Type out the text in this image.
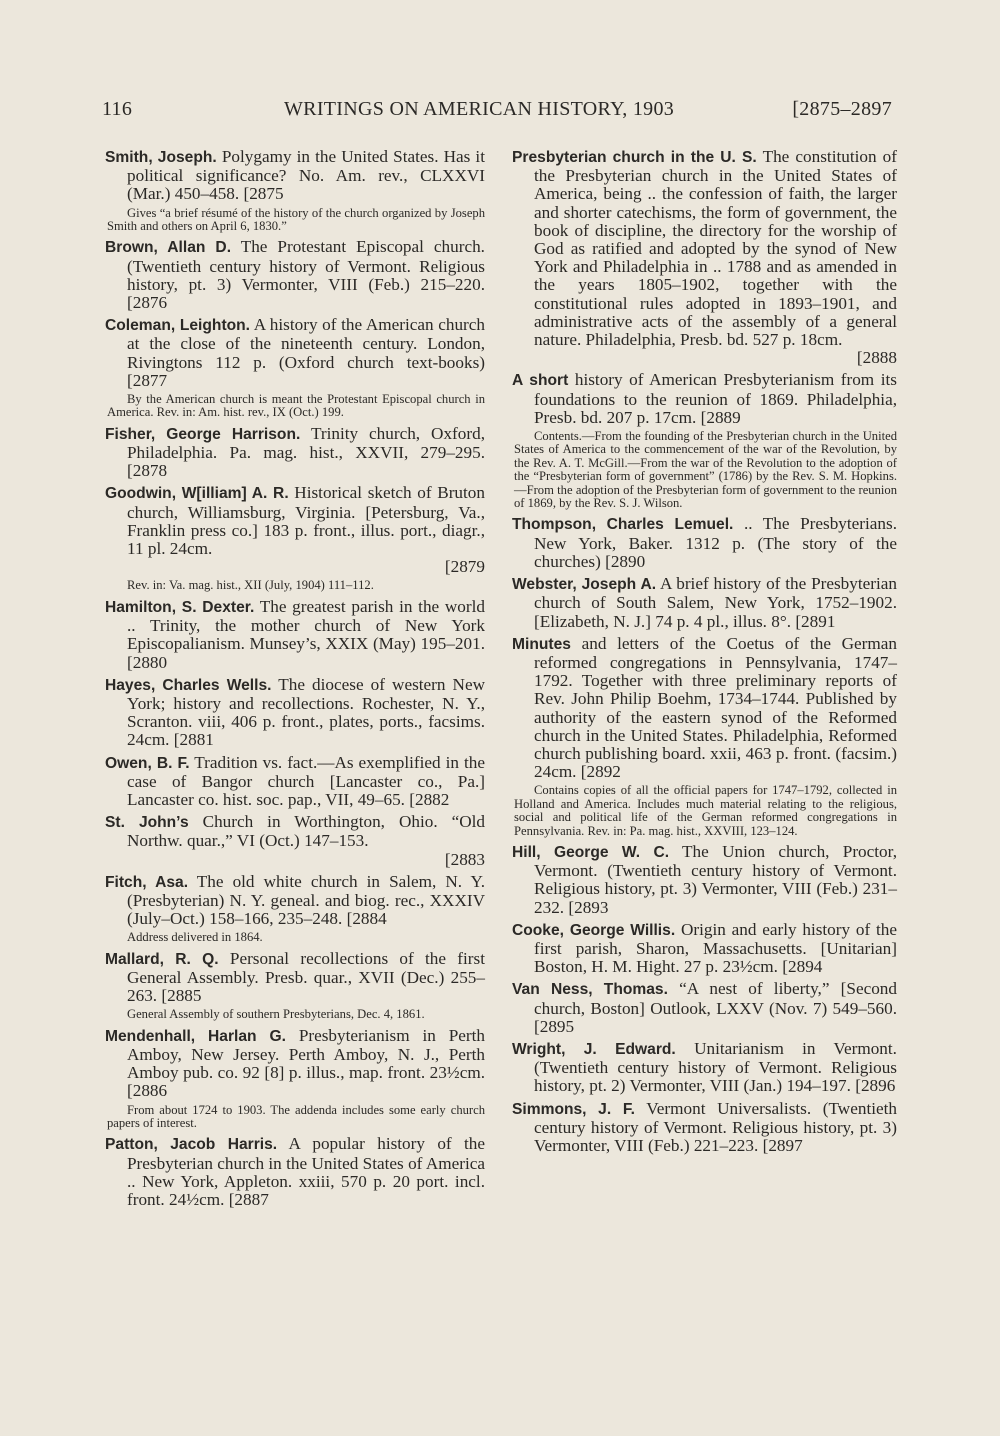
116	WRITINGS ON AMERICAN HISTORY, 1903	[2875–2897
Smith, Joseph. Polygamy in the United States. Has it political significance? No. Am. rev., CLXXVI (Mar.) 450–458. [2875
Gives “a brief résumé of the history of the church organized by Joseph Smith and others on April 6, 1830.”
Brown, Allan D. The Protestant Episcopal church. (Twentieth century history of Vermont. Religious history, pt. 3) Vermonter, VIII (Feb.) 215–220. [2876
Coleman, Leighton. A history of the American church at the close of the nineteenth century. London, Rivingtons 112 p. (Oxford church text-books) [2877
By the American church is meant the Protestant Episcopal church in America. Rev. in: Am. hist. rev., IX (Oct.) 199.
Fisher, George Harrison. Trinity church, Oxford, Philadelphia. Pa. mag. hist., XXVII, 279–295. [2878
Goodwin, W[illiam] A. R. Historical sketch of Bruton church, Williamsburg, Virginia. [Petersburg, Va., Franklin press co.] 183 p. front., illus. port., diagr., 11 pl. 24cm.
[2879
Rev. in: Va. mag. hist., XII (July, 1904) 111–112.
Hamilton, S. Dexter. The greatest parish in the world .. Trinity, the mother church of New York Episcopalianism. Munsey’s, XXIX (May) 195–201. [2880
Hayes, Charles Wells. The diocese of western New York; history and recollections. Rochester, N. Y., Scranton. viii, 406 p. front., plates, ports., facsims. 24cm. [2881
Owen, B. F. Tradition vs. fact.—As exemplified in the case of Bangor church [Lancaster co., Pa.] Lancaster co. hist. soc. pap., VII, 49–65. [2882
St. John’s Church in Worthington, Ohio. “Old Northw. quar.,” VI (Oct.) 147–153.
[2883
Fitch, Asa. The old white church in Salem, N. Y. (Presbyterian) N. Y. geneal. and biog. rec., XXXIV (July–Oct.) 158–166, 235–248. [2884
Address delivered in 1864.
Mallard, R. Q. Personal recollections of the first General Assembly. Presb. quar., XVII (Dec.) 255–263. [2885
General Assembly of southern Presbyterians, Dec. 4, 1861.
Mendenhall, Harlan G. Presbyterianism in Perth Amboy, New Jersey. Perth Amboy, N. J., Perth Amboy pub. co. 92 [8] p. illus., map. front. 23½cm. [2886
From about 1724 to 1903. The addenda includes some early church papers of interest.
Patton, Jacob Harris. A popular history of the Presbyterian church in the United States of America .. New York, Appleton. xxiii, 570 p. 20 port. incl. front. 24½cm. [2887
Presbyterian church in the U. S. The constitution of the Presbyterian church in the United States of America, being .. the confession of faith, the larger and shorter catechisms, the form of government, the book of discipline, the directory for the worship of God as ratified and adopted by the synod of New York and Philadelphia in .. 1788 and as amended in the years 1805–1902, together with the constitutional rules adopted in 1893–1901, and administrative acts of the assembly of a general nature. Philadelphia, Presb. bd. 527 p. 18cm.
[2888
A short history of American Presbyterianism from its foundations to the reunion of 1869. Philadelphia, Presb. bd. 207 p. 17cm. [2889
Contents.—From the founding of the Presbyterian church in the United States of America to the commencement of the war of the Revolution, by the Rev. A. T. McGill.—From the war of the Revolution to the adoption of the “Presbyterian form of government” (1786) by the Rev. S. M. Hopkins.—From the adoption of the Presbyterian form of government to the reunion of 1869, by the Rev. S. J. Wilson.
Thompson, Charles Lemuel. .. The Presbyterians. New York, Baker. 1312 p. (The story of the churches) [2890
Webster, Joseph A. A brief history of the Presbyterian church of South Salem, New York, 1752–1902. [Elizabeth, N. J.] 74 p. 4 pl., illus. 8°. [2891
Minutes and letters of the Coetus of the German reformed congregations in Pennsylvania, 1747–1792. Together with three preliminary reports of Rev. John Philip Boehm, 1734–1744. Published by authority of the eastern synod of the Reformed church in the United States. Philadelphia, Reformed church publishing board. xxii, 463 p. front. (facsim.) 24cm. [2892
Contains copies of all the official papers for 1747–1792, collected in Holland and America. Includes much material relating to the religious, social and political life of the German reformed congregations in Pennsylvania. Rev. in: Pa. mag. hist., XXVIII, 123–124.
Hill, George W. C. The Union church, Proctor, Vermont. (Twentieth century history of Vermont. Religious history, pt. 3) Vermonter, VIII (Feb.) 231–232. [2893
Cooke, George Willis. Origin and early history of the first parish, Sharon, Massachusetts. [Unitarian] Boston, H. M. Hight. 27 p. 23½cm. [2894
Van Ness, Thomas. “A nest of liberty,” [Second church, Boston] Outlook, LXXV (Nov. 7) 549–560. [2895
Wright, J. Edward. Unitarianism in Vermont. (Twentieth century history of Vermont. Religious history, pt. 2) Vermonter, VIII (Jan.) 194–197. [2896
Simmons, J. F. Vermont Universalists. (Twentieth century history of Vermont. Religious history, pt. 3) Vermonter, VIII (Feb.) 221–223. [2897
